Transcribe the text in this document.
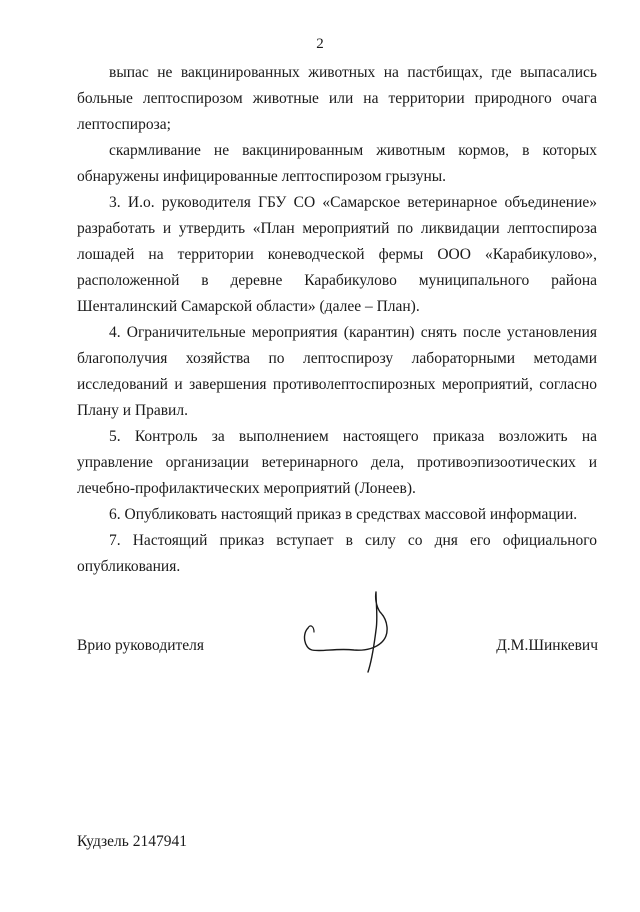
2

выпас не вакцинированных животных на пастбищах, где выпасались больные лептоспирозом животные или на территории природного очага лептоспироза;

скармливание не вакцинированным животным кормов, в которых обнаружены инфицированные лептоспирозом грызуны.

3. И.о. руководителя ГБУ СО «Самарское ветеринарное объединение» разработать и утвердить «План мероприятий по ликвидации лептоспироза лошадей на территории коневодческой фермы ООО «Карабикулово», расположенной в деревне Карабикулово муниципального района Шенталинский Самарской области» (далее – План).

4. Ограничительные мероприятия (карантин) снять после установления благополучия хозяйства по лептоспирозу лабораторными методами исследований и завершения противолептоспирозных мероприятий, согласно Плану и Правил.

5. Контроль за выполнением настоящего приказа возложить на управление организации ветеринарного дела, противоэпизоотических и лечебно-профилактических мероприятий (Лонеев).

6. Опубликовать настоящий приказ в средствах массовой информации.

7. Настоящий приказ вступает в силу со дня его официального опубликования.

Врио руководителя	Д.М.Шинкевич
Кудзель 2147941
